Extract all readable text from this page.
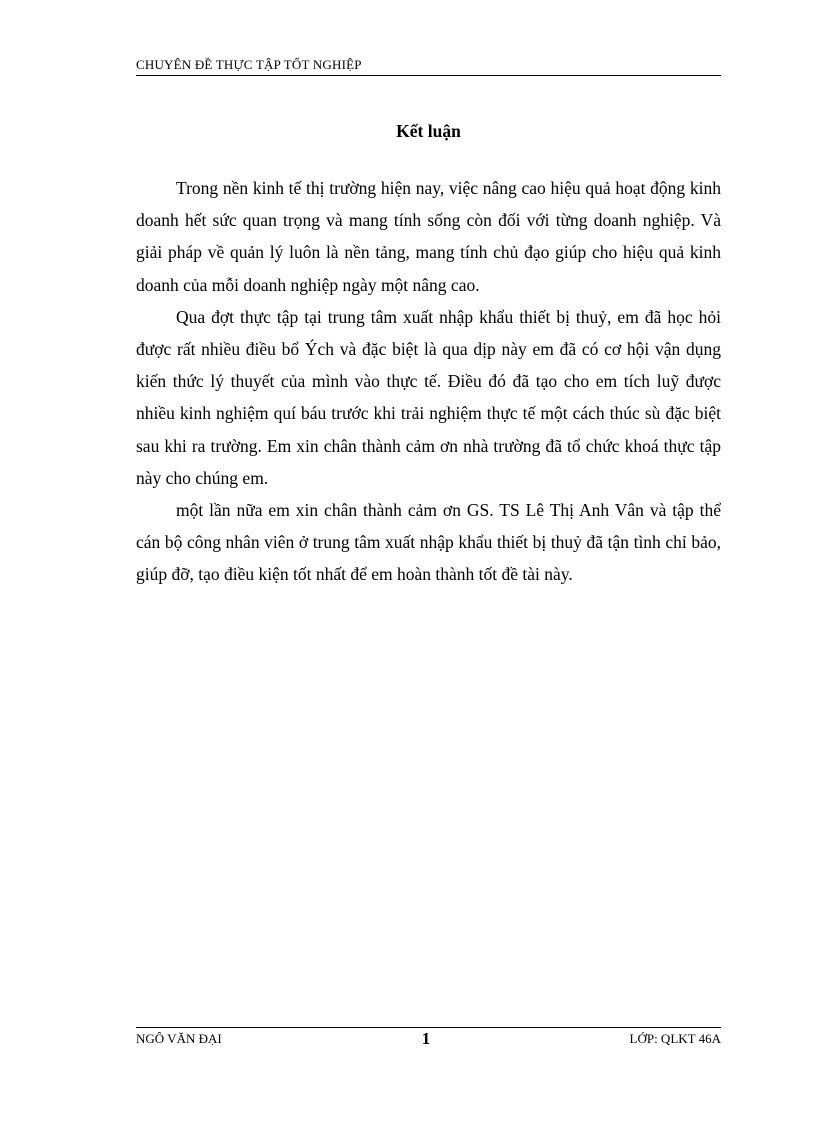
CHUYÊN ĐỀ THỰC TẬP TỐT NGHIỆP
Kết luận

Trong nền kinh tế thị trường hiện nay, việc nâng cao hiệu quả hoạt động kinh doanh hết sức quan trọng và mang tính sống còn đối với từng doanh nghiệp. Và giải pháp về quản lý luôn là nền tảng, mang tính chủ đạo giúp cho hiệu quả kinh doanh của mỗi doanh nghiệp ngày một nâng cao.

Qua đợt thực tập tại trung tâm xuất nhập khẩu thiết bị thuỷ, em đã học hỏi được rất nhiều điều bổ Ých và đặc biệt là qua dịp này em đã có cơ hội vận dụng kiến thức lý thuyết của mình vào thực tế. Điều đó đã tạo cho em tích luỹ được nhiều kinh nghiệm quí báu trước khi trải nghiệm thực tế một cách thúc sù đặc biệt sau khi ra trường. Em xin chân thành cảm ơn nhà trường đã tổ chức khoá thực tập này cho chúng em.

một lần nữa em xin chân thành cảm ơn GS. TS Lê Thị Anh Vân và tập thể cán bộ công nhân viên ở trung tâm xuất nhập khẩu thiết bị thuỷ đã tận tình chỉ bảo, giúp đỡ, tạo điều kiện tốt nhất để em hoàn thành tốt đề tài này.

NGÔ VĂN ĐẠI	1	LỚP: QLKT 46A
